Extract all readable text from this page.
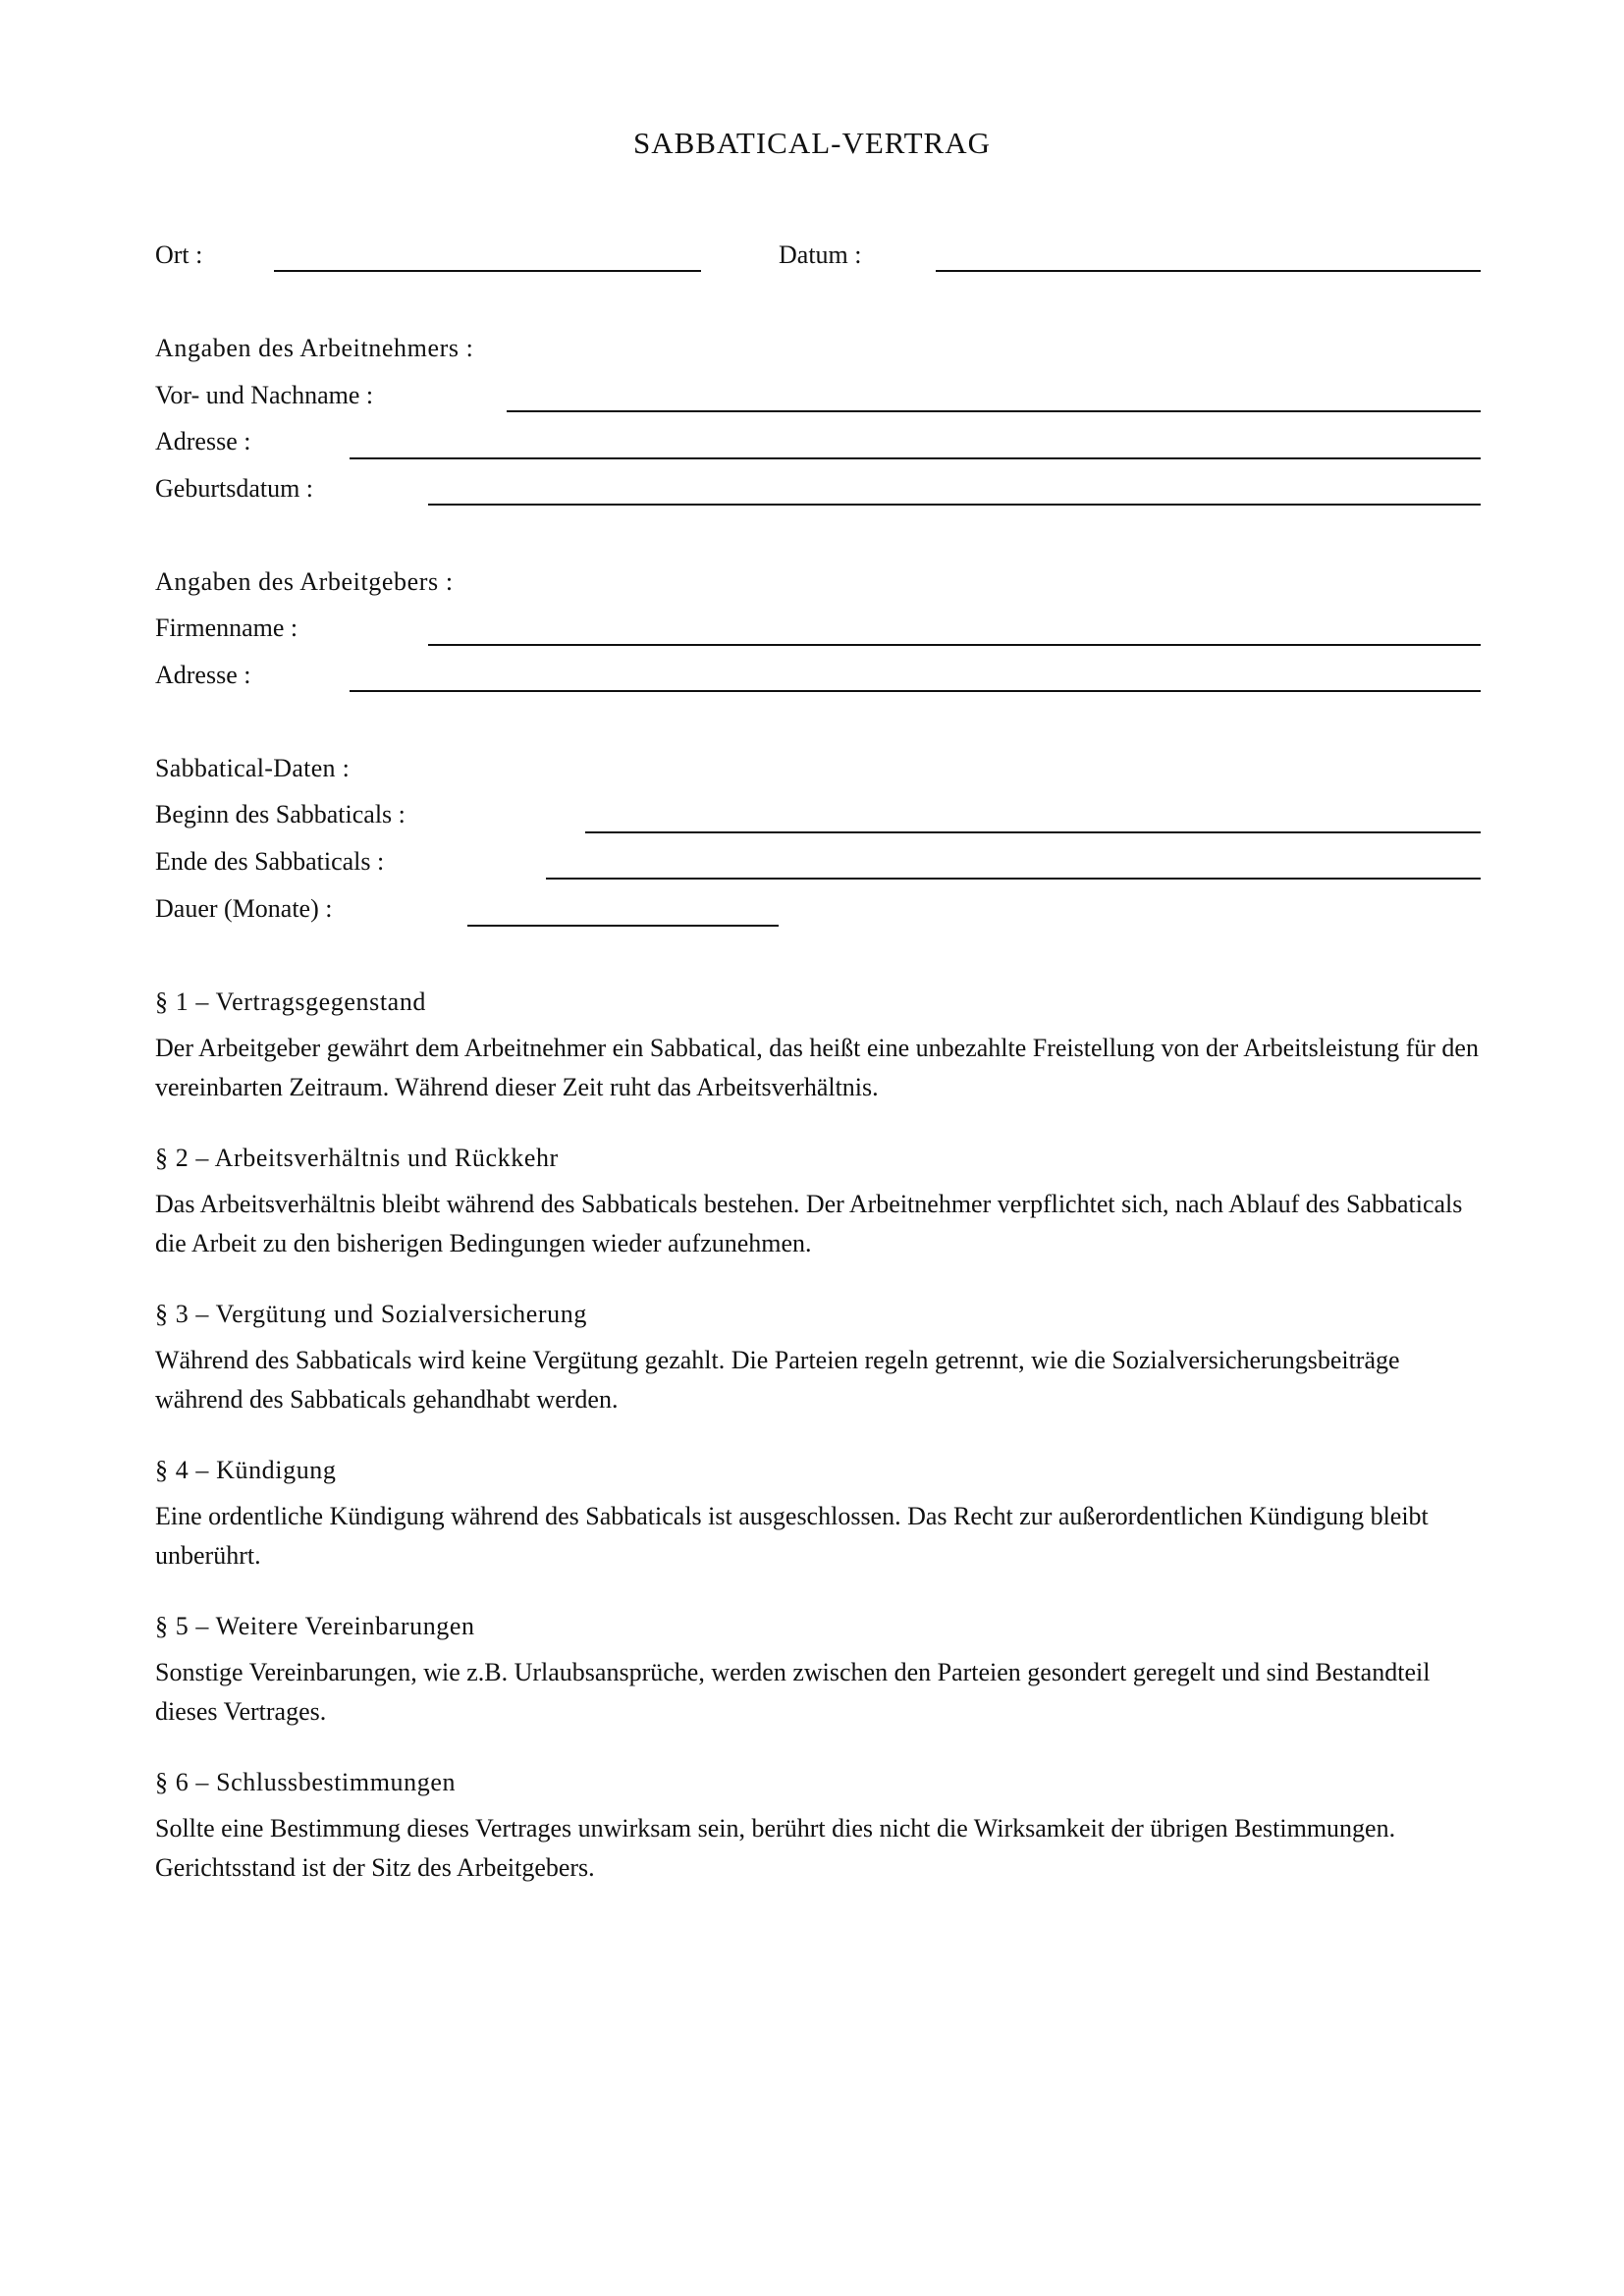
SABBATICAL-VERTRAG
Ort :	Datum :
Angaben des Arbeitnehmers :
Vor- und Nachname :
Adresse :
Geburtsdatum :
Angaben des Arbeitgebers :
Firmenname :
Adresse :
Sabbatical-Daten :
Beginn des Sabbaticals :
Ende des Sabbaticals :
Dauer (Monate) :
§ 1 – Vertragsgegenstand
Der Arbeitgeber gewährt dem Arbeitnehmer ein Sabbatical, das heißt eine unbezahlte Freistellung von der Arbeitsleistung für den vereinbarten Zeitraum. Während dieser Zeit ruht das Arbeitsverhältnis.
§ 2 – Arbeitsverhältnis und Rückkehr
Das Arbeitsverhältnis bleibt während des Sabbaticals bestehen. Der Arbeitnehmer verpflichtet sich, nach Ablauf des Sabbaticals die Arbeit zu den bisherigen Bedingungen wieder aufzunehmen.
§ 3 – Vergütung und Sozialversicherung
Während des Sabbaticals wird keine Vergütung gezahlt. Die Parteien regeln getrennt, wie die Sozialversicherungsbeiträge während des Sabbaticals gehandhabt werden.
§ 4 – Kündigung
Eine ordentliche Kündigung während des Sabbaticals ist ausgeschlossen. Das Recht zur außerordentlichen Kündigung bleibt unberührt.
§ 5 – Weitere Vereinbarungen
Sonstige Vereinbarungen, wie z.B. Urlaubsansprüche, werden zwischen den Parteien gesondert geregelt und sind Bestandteil dieses Vertrages.
§ 6 – Schlussbestimmungen
Sollte eine Bestimmung dieses Vertrages unwirksam sein, berührt dies nicht die Wirksamkeit der übrigen Bestimmungen. Gerichtsstand ist der Sitz des Arbeitgebers.
